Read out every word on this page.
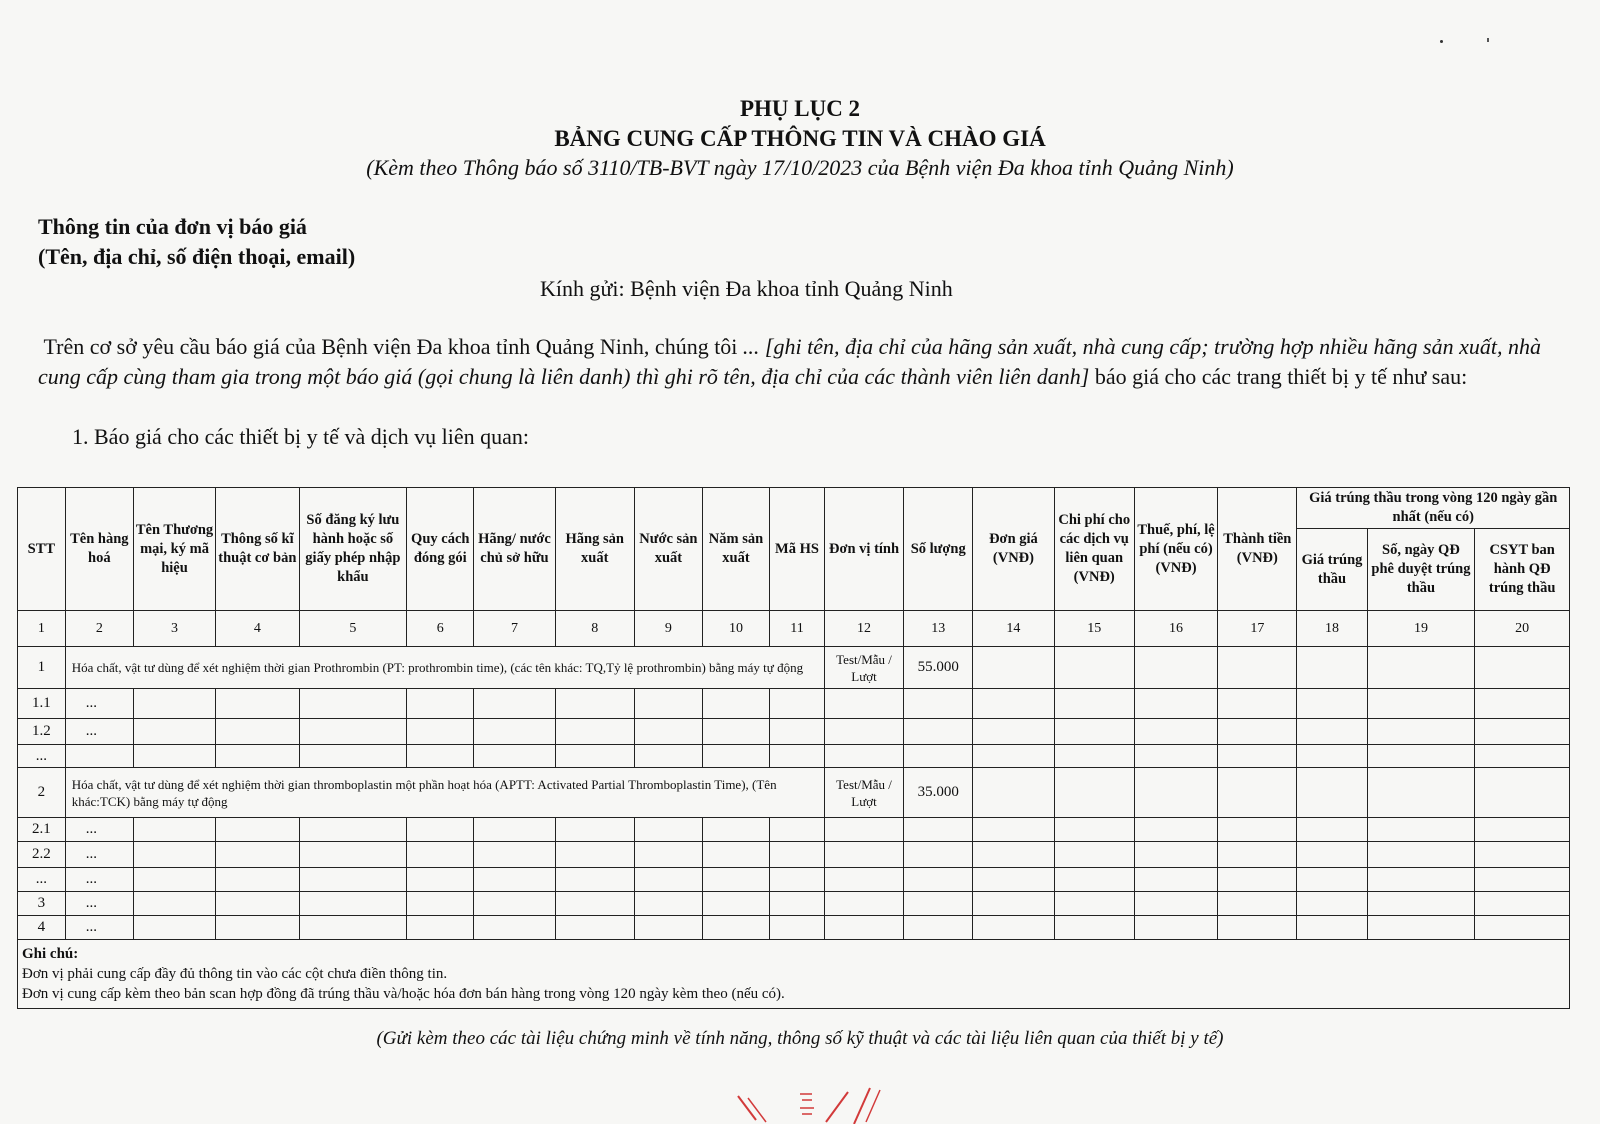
PHỤ LỤC 2
BẢNG CUNG CẤP THÔNG TIN VÀ CHÀO GIÁ
(Kèm theo Thông báo số 3110/TB-BVT ngày 17/10/2023 của Bệnh viện Đa khoa tỉnh Quảng Ninh)
Thông tin của đơn vị báo giá
(Tên, địa chỉ, số điện thoại, email)
Kính gửi: Bệnh viện Đa khoa tỉnh Quảng Ninh
Trên cơ sở yêu cầu báo giá của Bệnh viện Đa khoa tỉnh Quảng Ninh, chúng tôi ... [ghi tên, địa chỉ của hãng sản xuất, nhà cung cấp; trường hợp nhiều hãng sản xuất, nhà cung cấp cùng tham gia trong một báo giá (gọi chung là liên danh) thì ghi rõ tên, địa chỉ của các thành viên liên danh] báo giá cho các trang thiết bị y tế như sau:
1. Báo giá cho các thiết bị y tế và dịch vụ liên quan:
STT	Tên hàng hoá	Tên Thương mại, ký mã hiệu	Thông số kĩ thuật cơ bản	Số đăng ký lưu hành hoặc số giấy phép nhập khẩu	Quy cách đóng gói	Hãng/ nước chủ sở hữu	Hãng sản xuất	Nước sản xuất	Năm sản xuất	Mã HS	Đơn vị tính	Số lượng	Đơn giá (VNĐ)	Chi phí cho các dịch vụ liên quan (VNĐ)	Thuế, phí, lệ phí (nếu có) (VNĐ)	Thành tiền (VNĐ)	Giá trúng thầu trong vòng 120 ngày gần nhất (nếu có)		
																	Giá trúng thầu	Số, ngày QĐ phê duyệt trúng thầu	CSYT ban hành QĐ trúng thầu
1	2	3	4	5	6	7	8	9	10	11	12	13	14	15	16	17	18	19	20
1	Hóa chất, vật tư dùng để xét nghiệm thời gian Prothrombin (PT: prothrombin time), (các tên khác: TQ,Tỷ lệ prothrombin) bằng máy tự động										Test/Mẫu / Lượt	55.000							
1.1	...																		
1.2	...																		
...																			
2	Hóa chất, vật tư dùng để xét nghiệm thời gian thromboplastin một phần hoạt hóa (APTT: Activated Partial Thromboplastin Time), (Tên khác:TCK) bằng máy tự động										Test/Mẫu / Lượt	35.000							
2.1	...																		
2.2	...																		
...	...																		
3	...																		
4	...																		
Ghi chú:
Đơn vị phải cung cấp đầy đủ thông tin vào các cột chưa điền thông tin.
Đơn vị cung cấp kèm theo bản scan hợp đồng đã trúng thầu và/hoặc hóa đơn bán hàng trong vòng 120 ngày kèm theo (nếu có).																			
(Gửi kèm theo các tài liệu chứng minh về tính năng, thông số kỹ thuật và các tài liệu liên quan của thiết bị y tế)
